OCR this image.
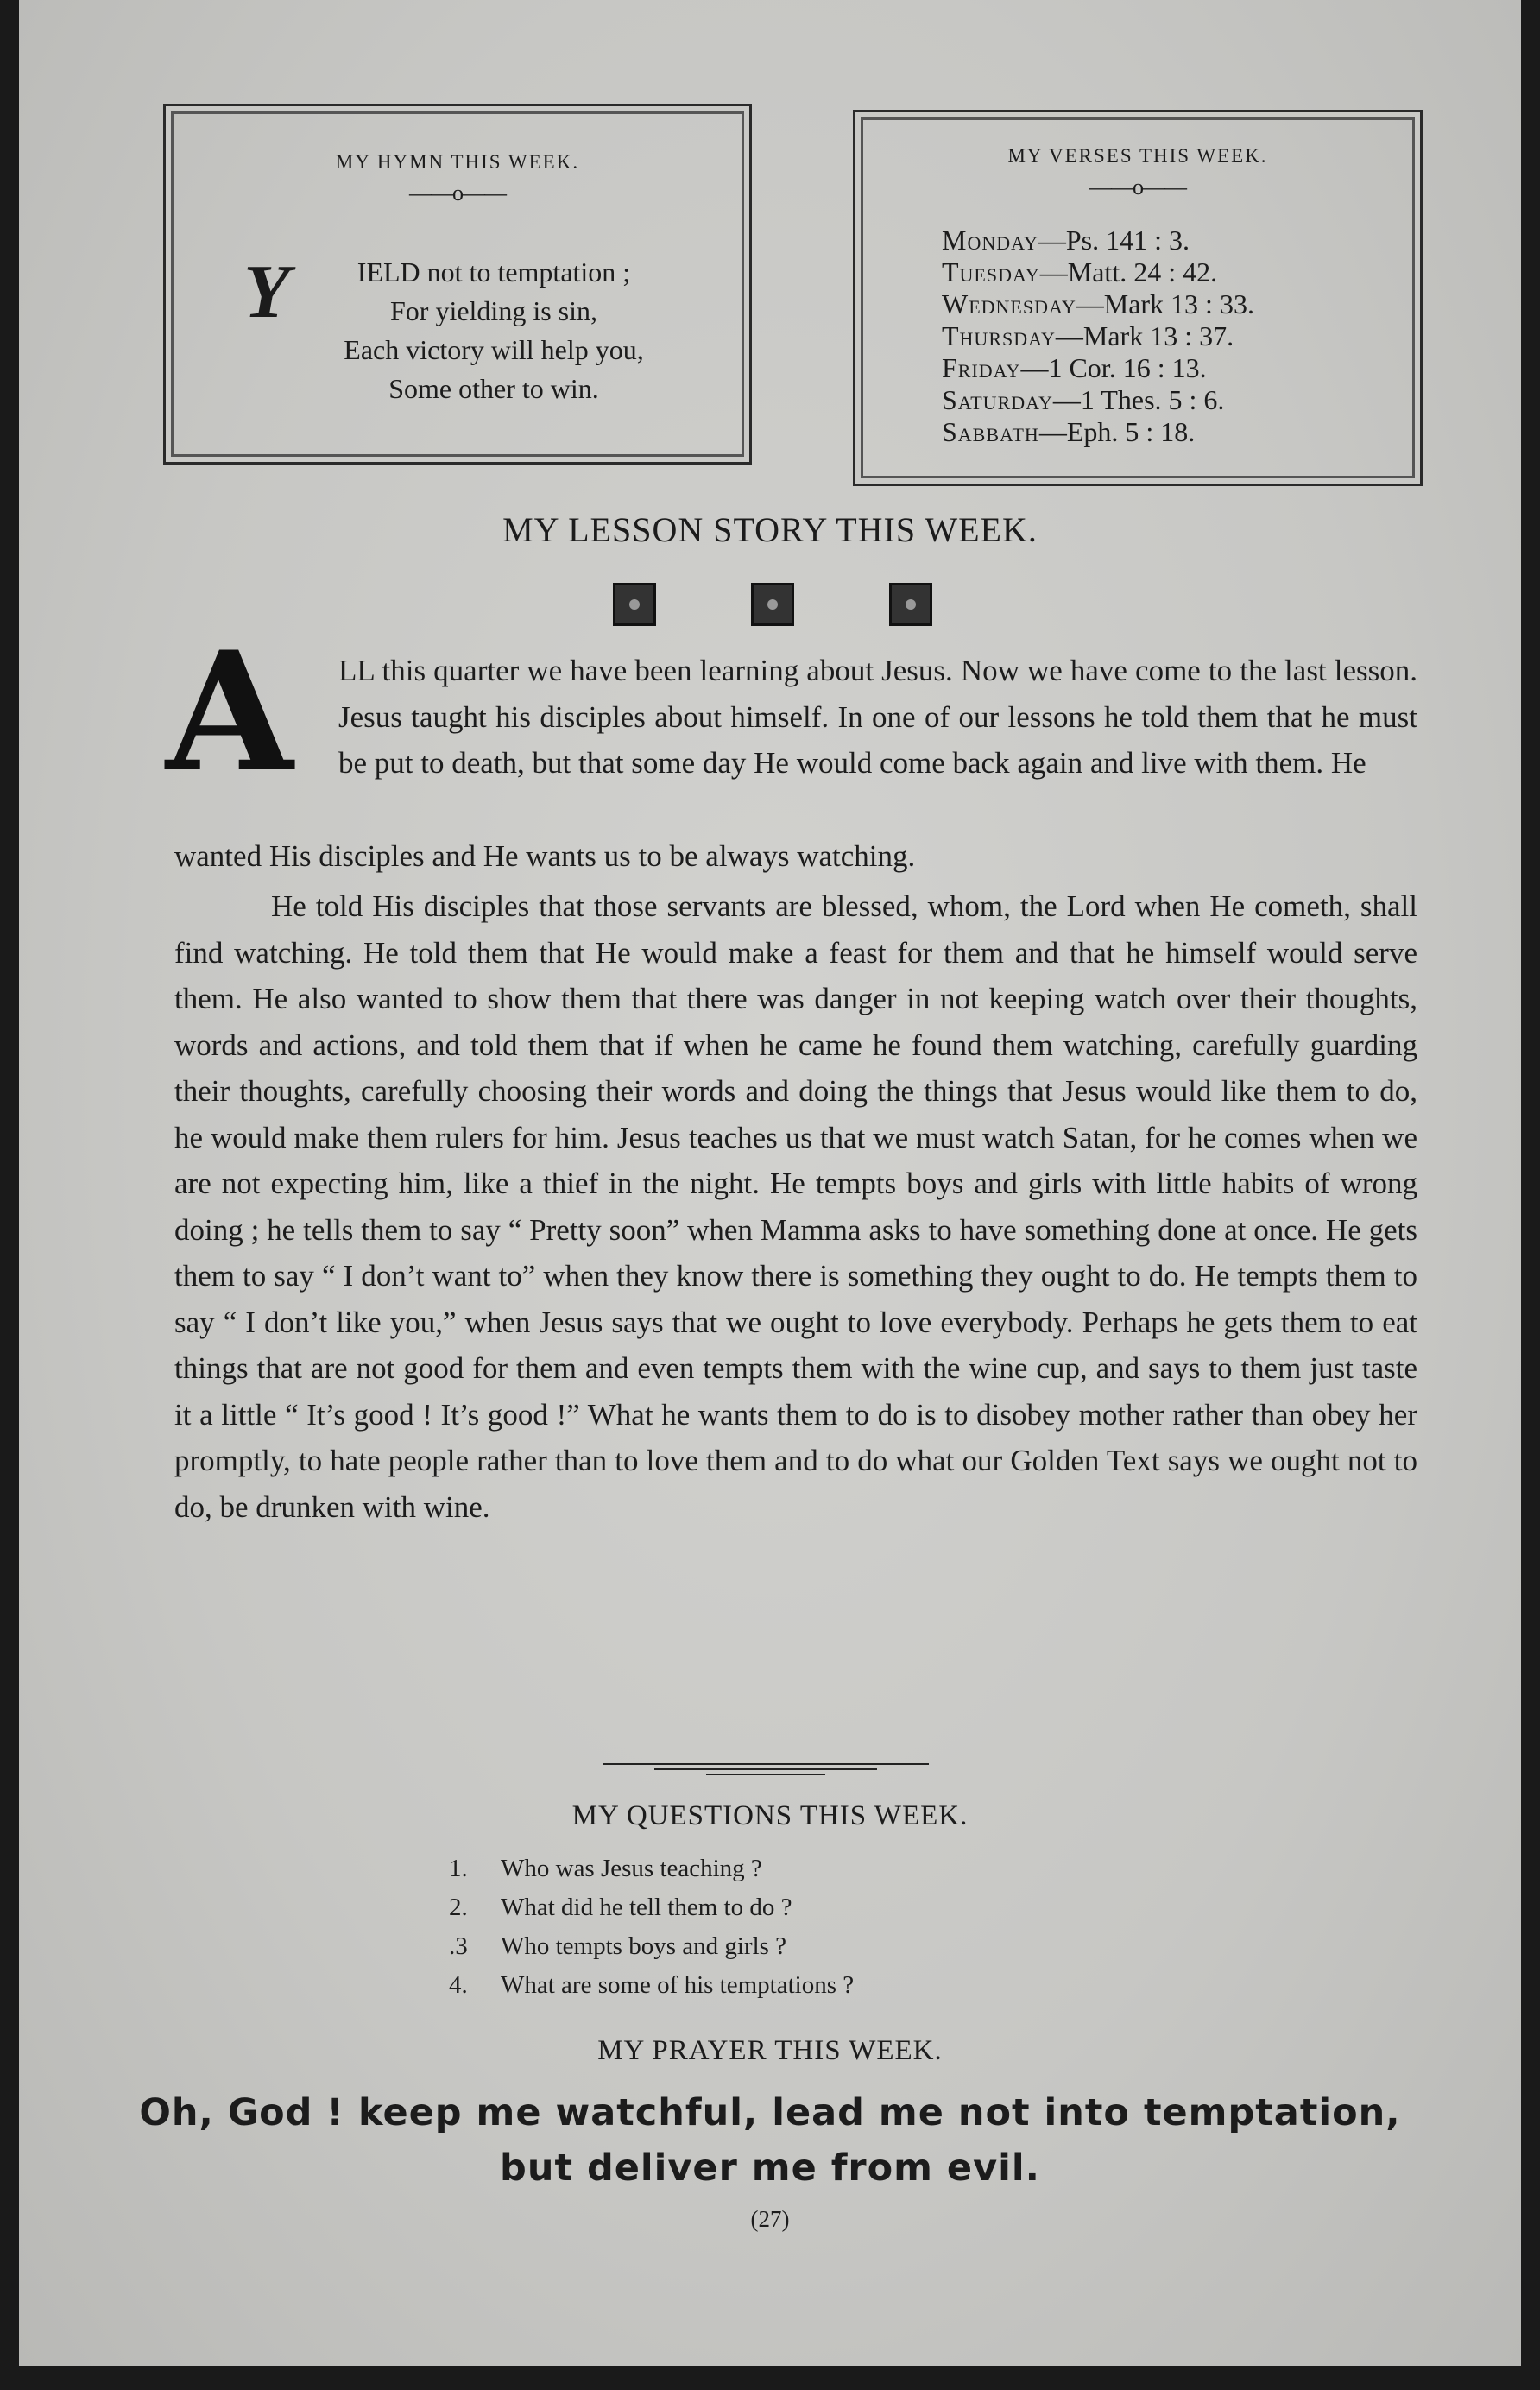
MY HYMN THIS WEEK.
——o——
Y	IELD not to temptation ;
For yielding is sin,
Each victory will help you,
Some other to win.
MY VERSES THIS WEEK.
——o——
Monday—Ps. 141 : 3.
Tuesday—Matt. 24 : 42.
Wednesday—Mark 13 : 33.
Thursday—Mark 13 : 37.
Friday—1 Cor. 16 : 13.
Saturday—1 Thes. 5 : 6.
Sabbath—Eph. 5 : 18.
MY LESSON STORY THIS WEEK.
A LL this quarter we have been learning about Jesus. Now we have come to the last lesson. Jesus taught his disciples about himself. In one of our lessons he told them that he must be put to death, but that some day He would come back again and live with them. He
wanted His disciples and He wants us to be always watching.
He told His disciples that those servants are blessed, whom, the Lord when He cometh, shall find watching. He told them that He would make a feast for them and that he himself would serve them. He also wanted to show them that there was danger in not keeping watch over their thoughts, words and actions, and told them that if when he came he found them watching, carefully guarding their thoughts, carefully choosing their words and doing the things that Jesus would like them to do, he would make them rulers for him. Jesus teaches us that we must watch Satan, for he comes when we are not expecting him, like a thief in the night. He tempts boys and girls with little habits of wrong doing ; he tells them to say “ Pretty soon” when Mamma asks to have something done at once. He gets them to say “ I don’t want to” when they know there is something they ought to do. He tempts them to say “ I don’t like you,” when Jesus says that we ought to love everybody. Perhaps he gets them to eat things that are not good for them and even tempts them with the wine cup, and says to them just taste it a little “ It’s good ! It’s good !” What he wants them to do is to disobey mother rather than obey her promptly, to hate people rather than to love them and to do what our Golden Text says we ought not to do, be drunken with wine.
MY QUESTIONS THIS WEEK.
1. Who was Jesus teaching ?
2. What did he tell them to do ?
.3 Who tempts boys and girls ?
4. What are some of his temptations ?
MY PRAYER THIS WEEK.
Oh, God ! keep me watchful, lead me not into temptation,
but deliver me from evil.
(27)
